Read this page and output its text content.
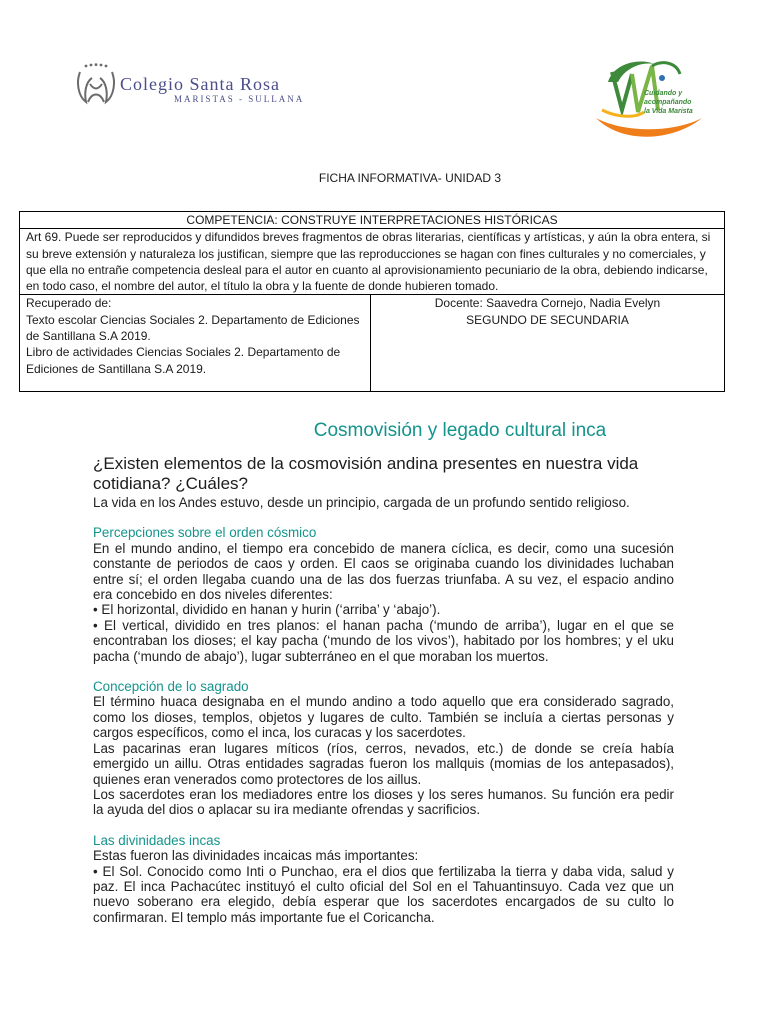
Colegio Santa Rosa
MARISTAS - SULLANA
Cuidando y
acompañando
la Vida Marista
FICHA INFORMATIVA- UNIDAD 3
COMPETENCIA: CONSTRUYE INTERPRETACIONES HISTÓRICAS
Art 69. Puede ser reproducidos y difundidos breves fragmentos de obras literarias, científicas y artísticas, y aún la obra entera, si su breve extensión y naturaleza los justifican, siempre que las reproducciones se hagan con fines culturales y no comerciales, y que ella no entrañe competencia desleal para el autor en cuanto al aprovisionamiento pecuniario de la obra, debiendo indicarse, en todo caso, el nombre del autor, el título la obra y la fuente de donde hubieren tomado.

Recuperado de:
Texto escolar Ciencias Sociales 2. Departamento de Ediciones de Santillana S.A 2019.
Libro de actividades Ciencias Sociales 2. Departamento de Ediciones de Santillana S.A 2019.

Docente: Saavedra Cornejo, Nadia Evelyn
SEGUNDO DE SECUNDARIA
Cosmovisión y legado cultural inca

¿Existen elementos de la cosmovisión andina presentes en nuestra vida cotidiana? ¿Cuáles?

La vida en los Andes estuvo, desde un principio, cargada de un profundo sentido religioso.

Percepciones sobre el orden cósmico

En el mundo andino, el tiempo era concebido de manera cíclica, es decir, como una sucesión constante de periodos de caos y orden. El caos se originaba cuando los divinidades luchaban entre sí; el orden llegaba cuando una de las dos fuerzas triunfaba. A su vez, el espacio andino era concebido en dos niveles diferentes:

• El horizontal, dividido en hanan y hurin (‘arriba’ y ‘abajo’).

• El vertical, dividido en tres planos: el hanan pacha (‘mundo de arriba’), lugar en el que se encontraban los dioses; el kay pacha (‘mundo de los vivos’), habitado por los hombres; y el uku pacha (‘mundo de abajo’), lugar subterráneo en el que moraban los muertos.

Concepción de lo sagrado

El término huaca designaba en el mundo andino a todo aquello que era considerado sagrado, como los dioses, templos, objetos y lugares de culto. También se incluía a ciertas personas y cargos específicos, como el inca, los curacas y los sacerdotes.

Las pacarinas eran lugares míticos (ríos, cerros, nevados, etc.) de donde se creía había emergido un aillu. Otras entidades sagradas fueron los mallquis (momias de los antepasados), quienes eran venerados como protectores de los aillus.

Los sacerdotes eran los mediadores entre los dioses y los seres humanos. Su función era pedir la ayuda del dios o aplacar su ira mediante ofrendas y sacrificios.

Las divinidades incas

Estas fueron las divinidades incaicas más importantes:

• El Sol. Conocido como Inti o Punchao, era el dios que fertilizaba la tierra y daba vida, salud y paz. El inca Pachacútec instituyó el culto oficial del Sol en el Tahuantinsuyo. Cada vez que un nuevo soberano era elegido, debía esperar que los sacerdotes encargados de su culto lo confirmaran. El templo más importante fue el Coricancha.
